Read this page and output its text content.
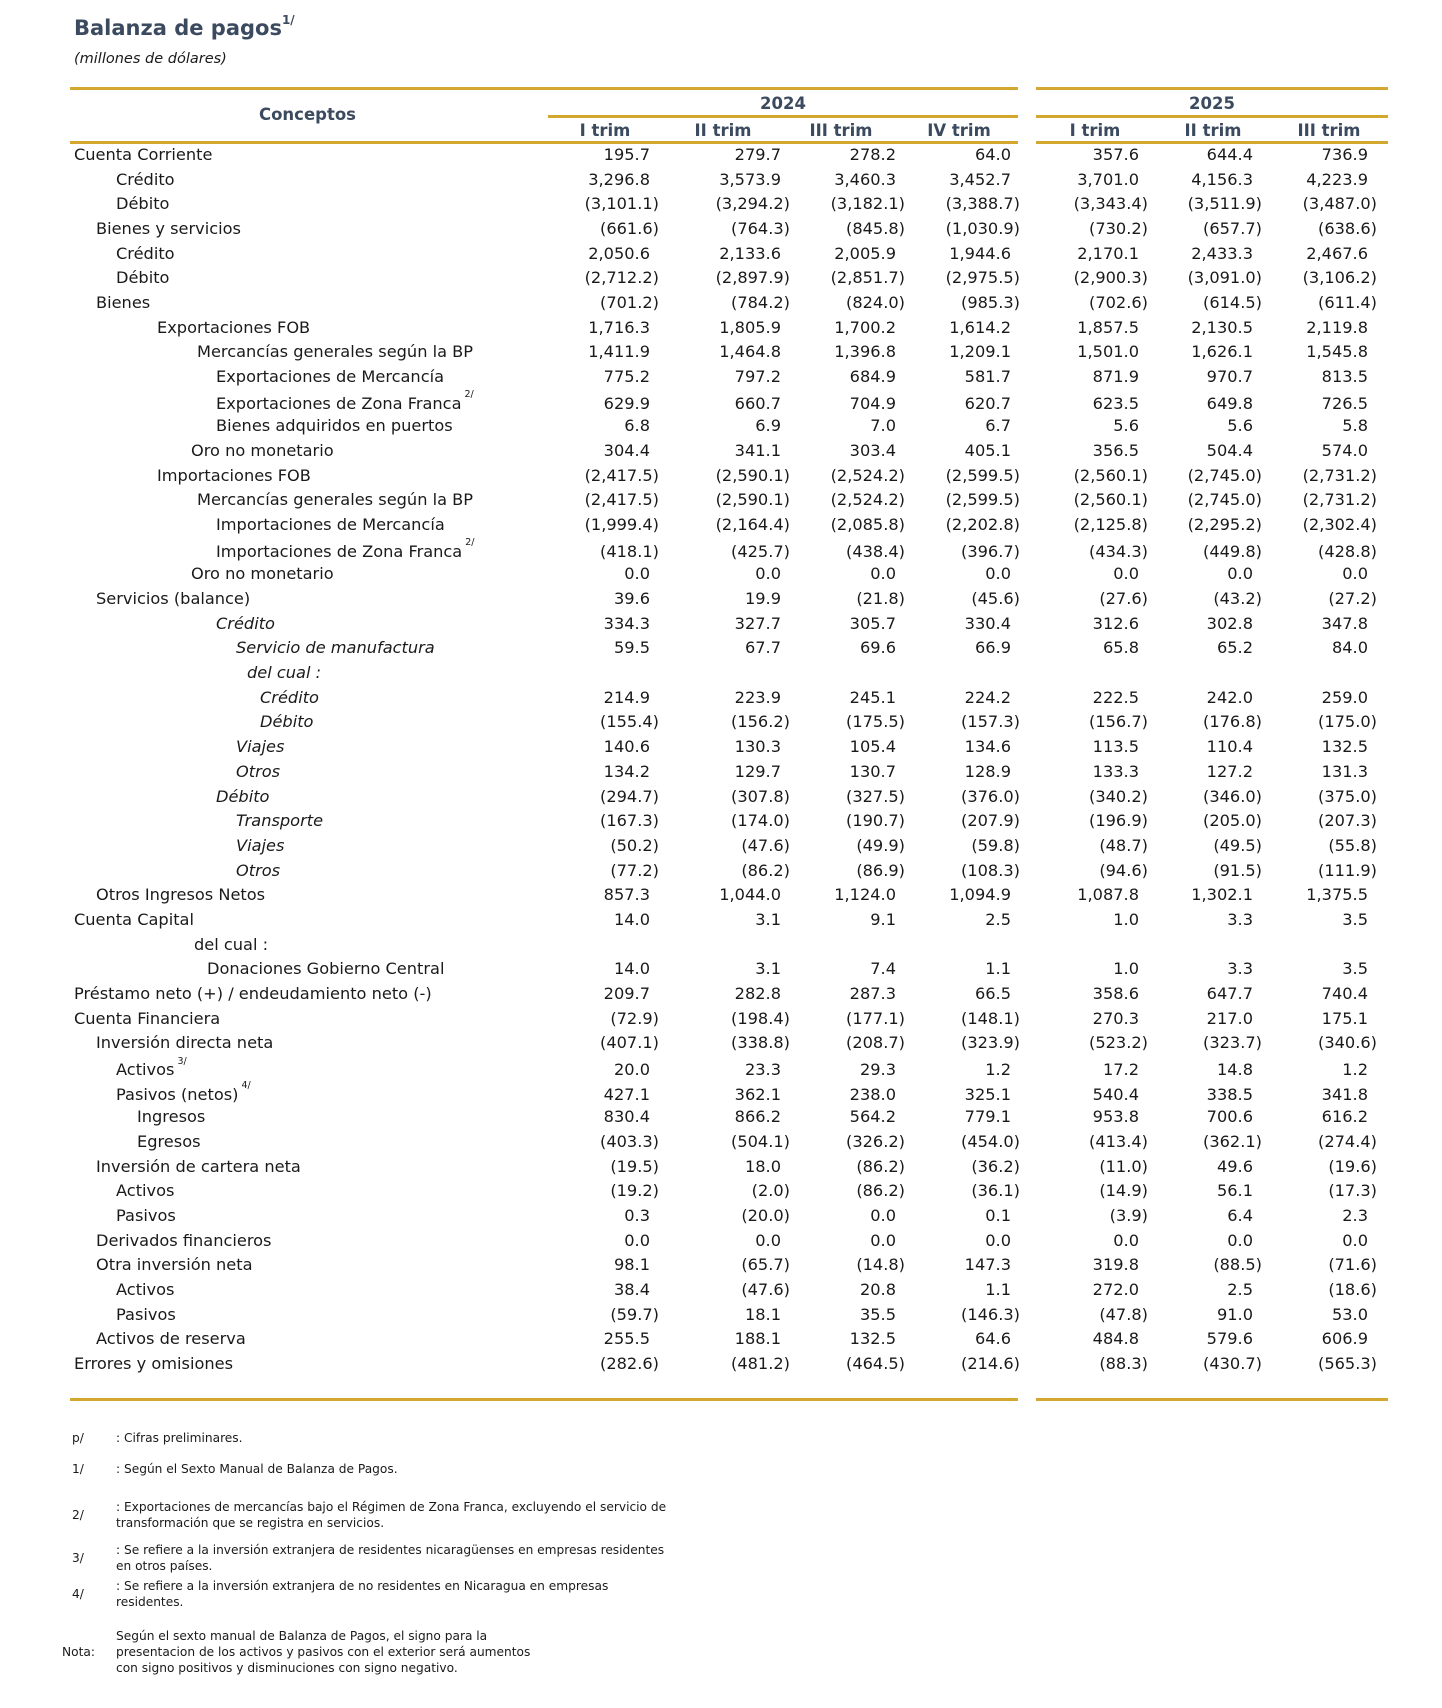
Balanza de pagos$^{1/}$
(millones de dólares)
Conceptos
2024	2025
I trim	II trim	III trim	IV trim	I trim	II trim	III trim
Cuenta Corriente	195.7	279.7	278.2	64.0	357.6	644.4	736.9
Crédito	3,296.8	3,573.9	3,460.3	3,452.7	3,701.0	4,156.3	4,223.9
Débito	(3,101.1)	(3,294.2)	(3,182.1)	(3,388.7)	(3,343.4)	(3,511.9)	(3,487.0)
Bienes y servicios	(661.6)	(764.3)	(845.8)	(1,030.9)	(730.2)	(657.7)	(638.6)
Crédito	2,050.6	2,133.6	2,005.9	1,944.6	2,170.1	2,433.3	2,467.6
Débito	(2,712.2)	(2,897.9)	(2,851.7)	(2,975.5)	(2,900.3)	(3,091.0)	(3,106.2)
Bienes	(701.2)	(784.2)	(824.0)	(985.3)	(702.6)	(614.5)	(611.4)
Exportaciones FOB	1,716.3	1,805.9	1,700.2	1,614.2	1,857.5	2,130.5	2,119.8
Mercancías generales según la BP	1,411.9	1,464.8	1,396.8	1,209.1	1,501.0	1,626.1	1,545.8
Exportaciones de Mercancía	775.2	797.2	684.9	581.7	871.9	970.7	813.5
Exportaciones de Zona Franca $^{2/}$	629.9	660.7	704.9	620.7	623.5	649.8	726.5
Bienes adquiridos en puertos	6.8	6.9	7.0	6.7	5.6	5.6	5.8
Oro no monetario	304.4	341.1	303.4	405.1	356.5	504.4	574.0
Importaciones FOB	(2,417.5)	(2,590.1)	(2,524.2)	(2,599.5)	(2,560.1)	(2,745.0)	(2,731.2)
Mercancías generales según la BP	(2,417.5)	(2,590.1)	(2,524.2)	(2,599.5)	(2,560.1)	(2,745.0)	(2,731.2)
Importaciones de Mercancía	(1,999.4)	(2,164.4)	(2,085.8)	(2,202.8)	(2,125.8)	(2,295.2)	(2,302.4)
Importaciones de Zona Franca $^{2/}$	(418.1)	(425.7)	(438.4)	(396.7)	(434.3)	(449.8)	(428.8)
Oro no monetario	0.0	0.0	0.0	0.0	0.0	0.0	0.0
Servicios (balance)	39.6	19.9	(21.8)	(45.6)	(27.6)	(43.2)	(27.2)
Crédito	334.3	327.7	305.7	330.4	312.6	302.8	347.8
Servicio de manufactura	59.5	67.7	69.6	66.9	65.8	65.2	84.0
del cual :
Crédito	214.9	223.9	245.1	224.2	222.5	242.0	259.0
Débito	(155.4)	(156.2)	(175.5)	(157.3)	(156.7)	(176.8)	(175.0)
Viajes	140.6	130.3	105.4	134.6	113.5	110.4	132.5
Otros	134.2	129.7	130.7	128.9	133.3	127.2	131.3
Débito	(294.7)	(307.8)	(327.5)	(376.0)	(340.2)	(346.0)	(375.0)
Transporte	(167.3)	(174.0)	(190.7)	(207.9)	(196.9)	(205.0)	(207.3)
Viajes	(50.2)	(47.6)	(49.9)	(59.8)	(48.7)	(49.5)	(55.8)
Otros	(77.2)	(86.2)	(86.9)	(108.3)	(94.6)	(91.5)	(111.9)
Otros Ingresos Netos	857.3	1,044.0	1,124.0	1,094.9	1,087.8	1,302.1	1,375.5
Cuenta Capital	14.0	3.1	9.1	2.5	1.0	3.3	3.5
del cual :
Donaciones Gobierno Central	14.0	3.1	7.4	1.1	1.0	3.3	3.5
Préstamo neto (+) / endeudamiento neto (-)	209.7	282.8	287.3	66.5	358.6	647.7	740.4
Cuenta Financiera	(72.9)	(198.4)	(177.1)	(148.1)	270.3	217.0	175.1
Inversión directa neta	(407.1)	(338.8)	(208.7)	(323.9)	(523.2)	(323.7)	(340.6)
Activos $^{3/}$	20.0	23.3	29.3	1.2	17.2	14.8	1.2
Pasivos (netos) $^{4/}$	427.1	362.1	238.0	325.1	540.4	338.5	341.8
Ingresos	830.4	866.2	564.2	779.1	953.8	700.6	616.2
Egresos	(403.3)	(504.1)	(326.2)	(454.0)	(413.4)	(362.1)	(274.4)
Inversión de cartera neta	(19.5)	18.0	(86.2)	(36.2)	(11.0)	49.6	(19.6)
Activos	(19.2)	(2.0)	(86.2)	(36.1)	(14.9)	56.1	(17.3)
Pasivos	0.3	(20.0)	0.0	0.1	(3.9)	6.4	2.3
Derivados financieros	0.0	0.0	0.0	0.0	0.0	0.0	0.0
Otra inversión neta	98.1	(65.7)	(14.8)	147.3	319.8	(88.5)	(71.6)
Activos	38.4	(47.6)	20.8	1.1	272.0	2.5	(18.6)
Pasivos	(59.7)	18.1	35.5	(146.3)	(47.8)	91.0	53.0
Activos de reserva	255.5	188.1	132.5	64.6	484.8	579.6	606.9
Errores y omisiones	(282.6)	(481.2)	(464.5)	(214.6)	(88.3)	(430.7)	(565.3)
p/	: Cifras preliminares.
1/	: Según el Sexto Manual de Balanza de Pagos.
2/
: Exportaciones de mercancías bajo el Régimen de Zona Franca, excluyendo el servicio de transformación que se registra en servicios.
3/
: Se refiere a la inversión extranjera de residentes nicaragüenses en empresas residentes en otros países.
4/
: Se refiere a la inversión extranjera de no residentes en Nicaragua en empresas residentes.
Nota:
Según el sexto manual de Balanza de Pagos, el signo para la presentacion de los activos y pasivos con el exterior será aumentos con signo positivos y disminuciones con signo negativo.
